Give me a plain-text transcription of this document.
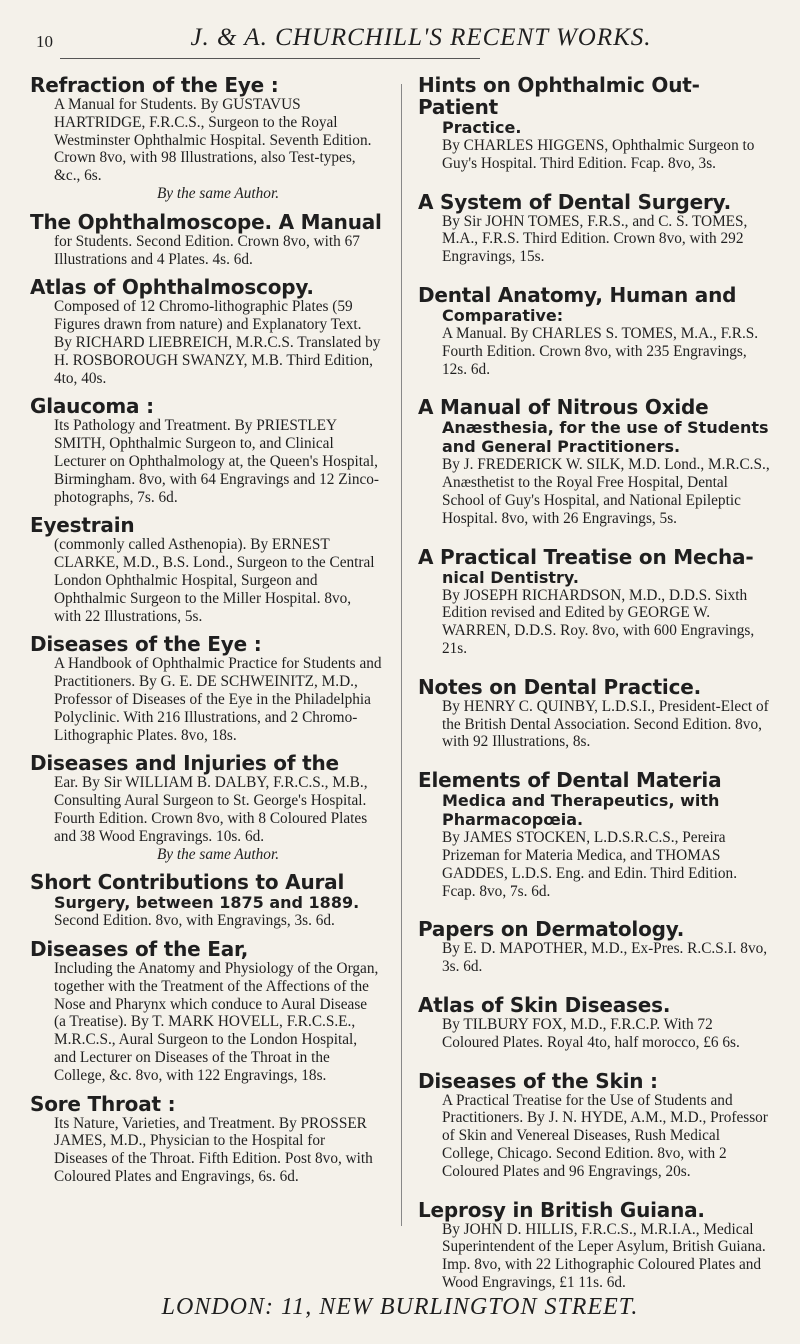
10	J. & A. CHURCHILL'S RECENT WORKS.
Refraction of the Eye :
A Manual for Students. By GUSTAVUS HARTRIDGE, F.R.C.S., Surgeon to the Royal Westminster Ophthalmic Hospital. Seventh Edition. Crown 8vo, with 98 Illustrations, also Test-types, &c., 6s.
By the same Author.
The Ophthalmoscope. A Manual
for Students. Second Edition. Crown 8vo, with 67 Illustrations and 4 Plates. 4s. 6d.
Atlas of Ophthalmoscopy.
Composed of 12 Chromo-lithographic Plates (59 Figures drawn from nature) and Explanatory Text. By RICHARD LIEBREICH, M.R.C.S. Translated by H. ROSBOROUGH SWANZY, M.B. Third Edition, 4to, 40s.
Glaucoma :
Its Pathology and Treatment. By PRIESTLEY SMITH, Ophthalmic Surgeon to, and Clinical Lecturer on Ophthalmology at, the Queen's Hospital, Birmingham. 8vo, with 64 Engravings and 12 Zinco-photographs, 7s. 6d.
Eyestrain
(commonly called Asthenopia). By ERNEST CLARKE, M.D., B.S. Lond., Surgeon to the Central London Ophthalmic Hospital, Surgeon and Ophthalmic Surgeon to the Miller Hospital. 8vo, with 22 Illustrations, 5s.
Diseases of the Eye :
A Handbook of Ophthalmic Practice for Students and Practitioners. By G. E. DE SCHWEINITZ, M.D., Professor of Diseases of the Eye in the Philadelphia Polyclinic. With 216 Illustrations, and 2 Chromo-Lithographic Plates. 8vo, 18s.
Diseases and Injuries of the
Ear. By Sir WILLIAM B. DALBY, F.R.C.S., M.B., Consulting Aural Surgeon to St. George's Hospital. Fourth Edition. Crown 8vo, with 8 Coloured Plates and 38 Wood Engravings. 10s. 6d.
By the same Author.
Short Contributions to Aural
Surgery, between 1875 and 1889.
Second Edition. 8vo, with Engravings, 3s. 6d.
Diseases of the Ear,
Including the Anatomy and Physiology of the Organ, together with the Treatment of the Affections of the Nose and Pharynx which conduce to Aural Disease (a Treatise). By T. MARK HOVELL, F.R.C.S.E., M.R.C.S., Aural Surgeon to the London Hospital, and Lecturer on Diseases of the Throat in the College, &c. 8vo, with 122 Engravings, 18s.
Sore Throat :
Its Nature, Varieties, and Treatment. By PROSSER JAMES, M.D., Physician to the Hospital for Diseases of the Throat. Fifth Edition. Post 8vo, with Coloured Plates and Engravings, 6s. 6d.
Hints on Ophthalmic Out-Patient
Practice.
By CHARLES HIGGENS, Ophthalmic Surgeon to Guy's Hospital. Third Edition. Fcap. 8vo, 3s.
A System of Dental Surgery.
By Sir JOHN TOMES, F.R.S., and C. S. TOMES, M.A., F.R.S. Third Edition. Crown 8vo, with 292 Engravings, 15s.
Dental Anatomy, Human and
Comparative:
A Manual. By CHARLES S. TOMES, M.A., F.R.S. Fourth Edition. Crown 8vo, with 235 Engravings, 12s. 6d.
A Manual of Nitrous Oxide
Anæsthesia, for the use of Students and General Practitioners.
By J. FREDERICK W. SILK, M.D. Lond., M.R.C.S., Anæsthetist to the Royal Free Hospital, Dental School of Guy's Hospital, and National Epileptic Hospital. 8vo, with 26 Engravings, 5s.
A Practical Treatise on Mecha-
nical Dentistry.
By JOSEPH RICHARDSON, M.D., D.D.S. Sixth Edition revised and Edited by GEORGE W. WARREN, D.D.S. Roy. 8vo, with 600 Engravings, 21s.
Notes on Dental Practice.
By HENRY C. QUINBY, L.D.S.I., President-Elect of the British Dental Association. Second Edition. 8vo, with 92 Illustrations, 8s.
Elements of Dental Materia
Medica and Therapeutics, with Pharmacopœia.
By JAMES STOCKEN, L.D.S.R.C.S., Pereira Prizeman for Materia Medica, and THOMAS GADDES, L.D.S. Eng. and Edin. Third Edition. Fcap. 8vo, 7s. 6d.
Papers on Dermatology.
By E. D. MAPOTHER, M.D., Ex-Pres. R.C.S.I. 8vo, 3s. 6d.
Atlas of Skin Diseases.
By TILBURY FOX, M.D., F.R.C.P. With 72 Coloured Plates. Royal 4to, half morocco, £6 6s.
Diseases of the Skin :
A Practical Treatise for the Use of Students and Practitioners. By J. N. HYDE, A.M., M.D., Professor of Skin and Venereal Diseases, Rush Medical College, Chicago. Second Edition. 8vo, with 2 Coloured Plates and 96 Engravings, 20s.
Leprosy in British Guiana.
By JOHN D. HILLIS, F.R.C.S., M.R.I.A., Medical Superintendent of the Leper Asylum, British Guiana. Imp. 8vo, with 22 Lithographic Coloured Plates and Wood Engravings, £1 11s. 6d.
LONDON: 11, NEW BURLINGTON STREET.
